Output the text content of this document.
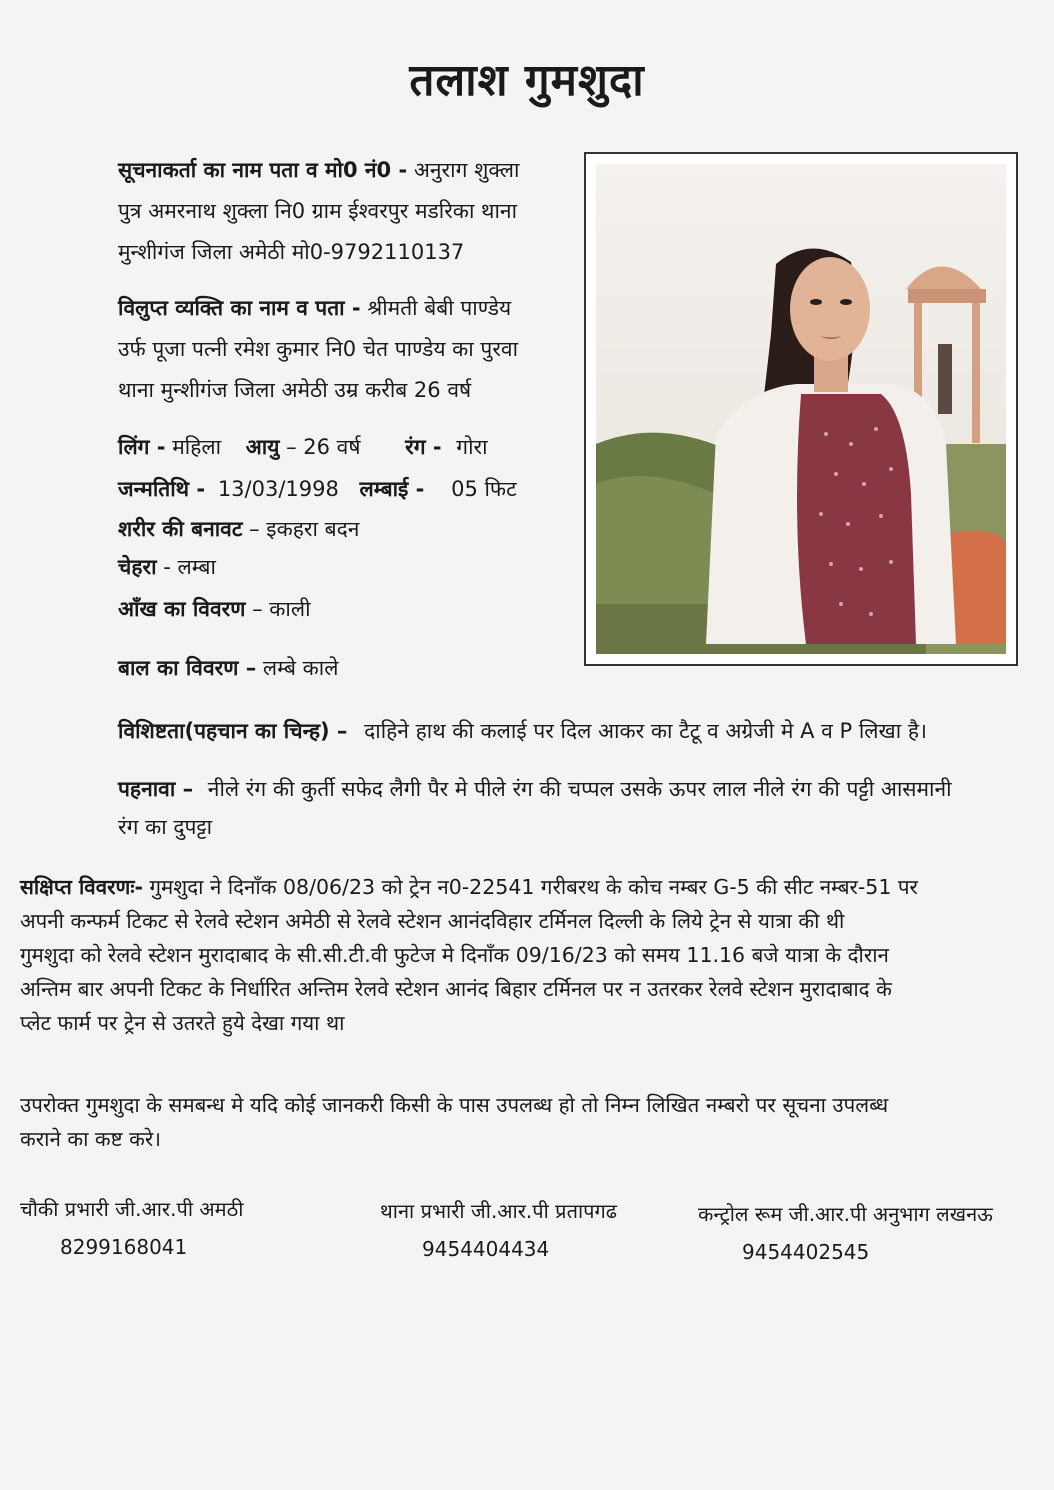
तलाश गुमशुदा
सूचनाकर्ता का नाम पता व मो0 नं0 - अनुराग शुक्ला
पुत्र अमरनाथ शुक्ला नि0 ग्राम ईश्वरपुर मडरिका थाना
मुन्शीगंज जिला अमेठी मो0-9792110137
विलुप्त व्यक्ति का नाम व पता - श्रीमती बेबी पाण्डेय
उर्फ पूजा पत्नी रमेश कुमार नि0 चेत पाण्डेय का पुरवा
थाना मुन्शीगंज जिला अमेठी उम्र करीब 26 वर्ष
लिंग - महिला आयु – 26 वर्ष रंग - गोरा
जन्मतिथि - 13/03/1998 लम्बाई - 05 फिट
शरीर की बनावट – इकहरा बदन
चेहरा - लम्बा
आँख का विवरण – काली
बाल का विवरण – लम्बे काले
विशिष्टता(पहचान का चिन्ह) – दाहिने हाथ की कलाई पर दिल आकर का टैटू व अग्रेजी मे A व P लिखा है।
पहनावा – नीले रंग की कुर्ती सफेद लैगी पैर मे पीले रंग की चप्पल उसके ऊपर लाल नीले रंग की पट्टी आसमानी
रंग का दुपट्टा
सक्षिप्त विवरणः- गुमशुदा ने दिनाँक 08/06/23 को ट्रेन न0-22541 गरीबरथ के कोच नम्बर G-5 की सीट नम्बर-51 पर
अपनी कन्फर्म टिकट से रेलवे स्टेशन अमेठी से रेलवे स्टेशन आनंदविहार टर्मिनल दिल्ली के लिये ट्रेन से यात्रा की थी
गुमशुदा को रेलवे स्टेशन मुरादाबाद के सी.सी.टी.वी फुटेज मे दिनाँक 09/16/23 को समय 11.16 बजे यात्रा के दौरान
अन्तिम बार अपनी टिकट के निर्धारित अन्तिम रेलवे स्टेशन आनंद बिहार टर्मिनल पर न उतरकर रेलवे स्टेशन मुरादाबाद के
प्लेट फार्म पर ट्रेन से उतरते हुये देखा गया था
उपरोक्त गुमशुदा के समबन्ध मे यदि कोई जानकरी किसी के पास उपलब्ध हो तो निम्न लिखित नम्बरो पर सूचना उपलब्ध
कराने का कष्ट करे।
चौकी प्रभारी जी.आर.पी अमठी
8299168041
थाना प्रभारी जी.आर.पी प्रतापगढ
9454404434
कन्ट्रोल रूम जी.आर.पी अनुभाग लखनऊ
9454402545
